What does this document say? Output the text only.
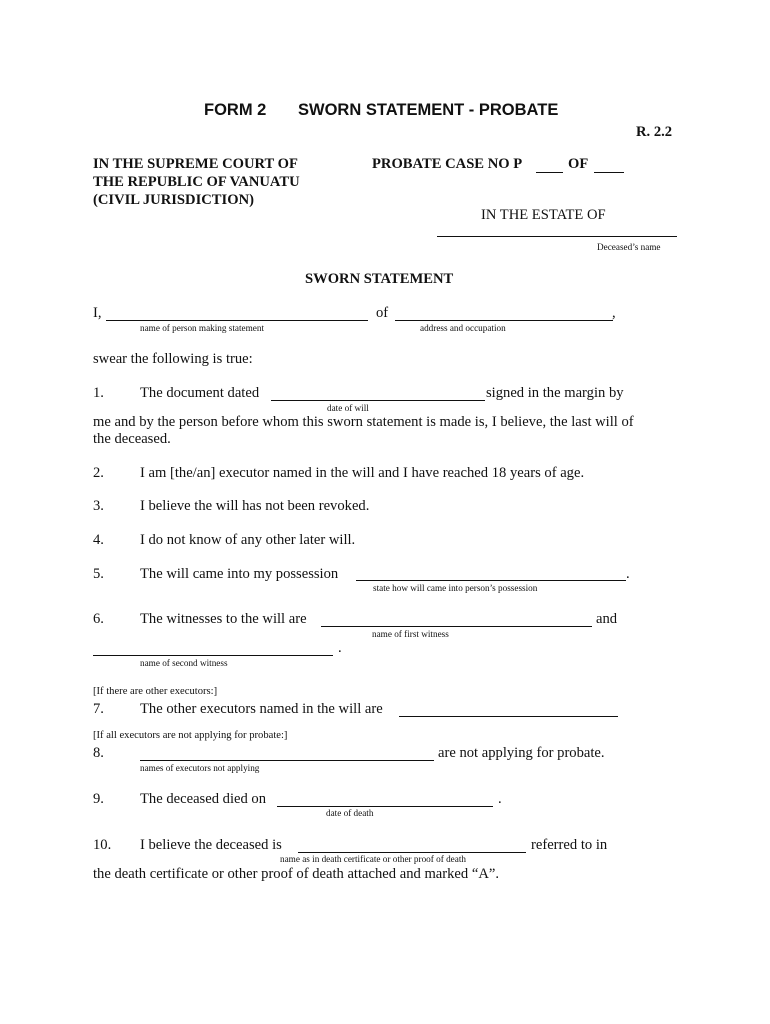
FORM 2 SWORN STATEMENT - PROBATE
R. 2.2
IN THE SUPREME COURT OF
THE REPUBLIC OF VANUATU
(CIVIL JURISDICTION)
PROBATE CASE NO P	OF
IN THE ESTATE OF
Deceased’s name
SWORN STATEMENT
I,	of	,
name of person making statement	address and occupation
swear the following is true:
1. The document dated	signed in the margin by
date of will
me and by the person before whom this sworn statement is made is, I believe, the last will of
the deceased.
2. I am [the/an] executor named in the will and I have reached 18 years of age.
3. I believe the will has not been revoked.
4. I do not know of any other later will.
5. The will came into my possession	.
state how will came into person’s possession
6. The witnesses to the will are	and
name of first witness
.
name of second witness
[If there are other executors:]
7. The other executors named in the will are
[If all executors are not applying for probate:]
8.	are not applying for probate.
names of executors not applying
9. The deceased died on	.
date of death
10. I believe the deceased is	referred to in
name as in death certificate or other proof of death
the death certificate or other proof of death attached and marked “A”.
